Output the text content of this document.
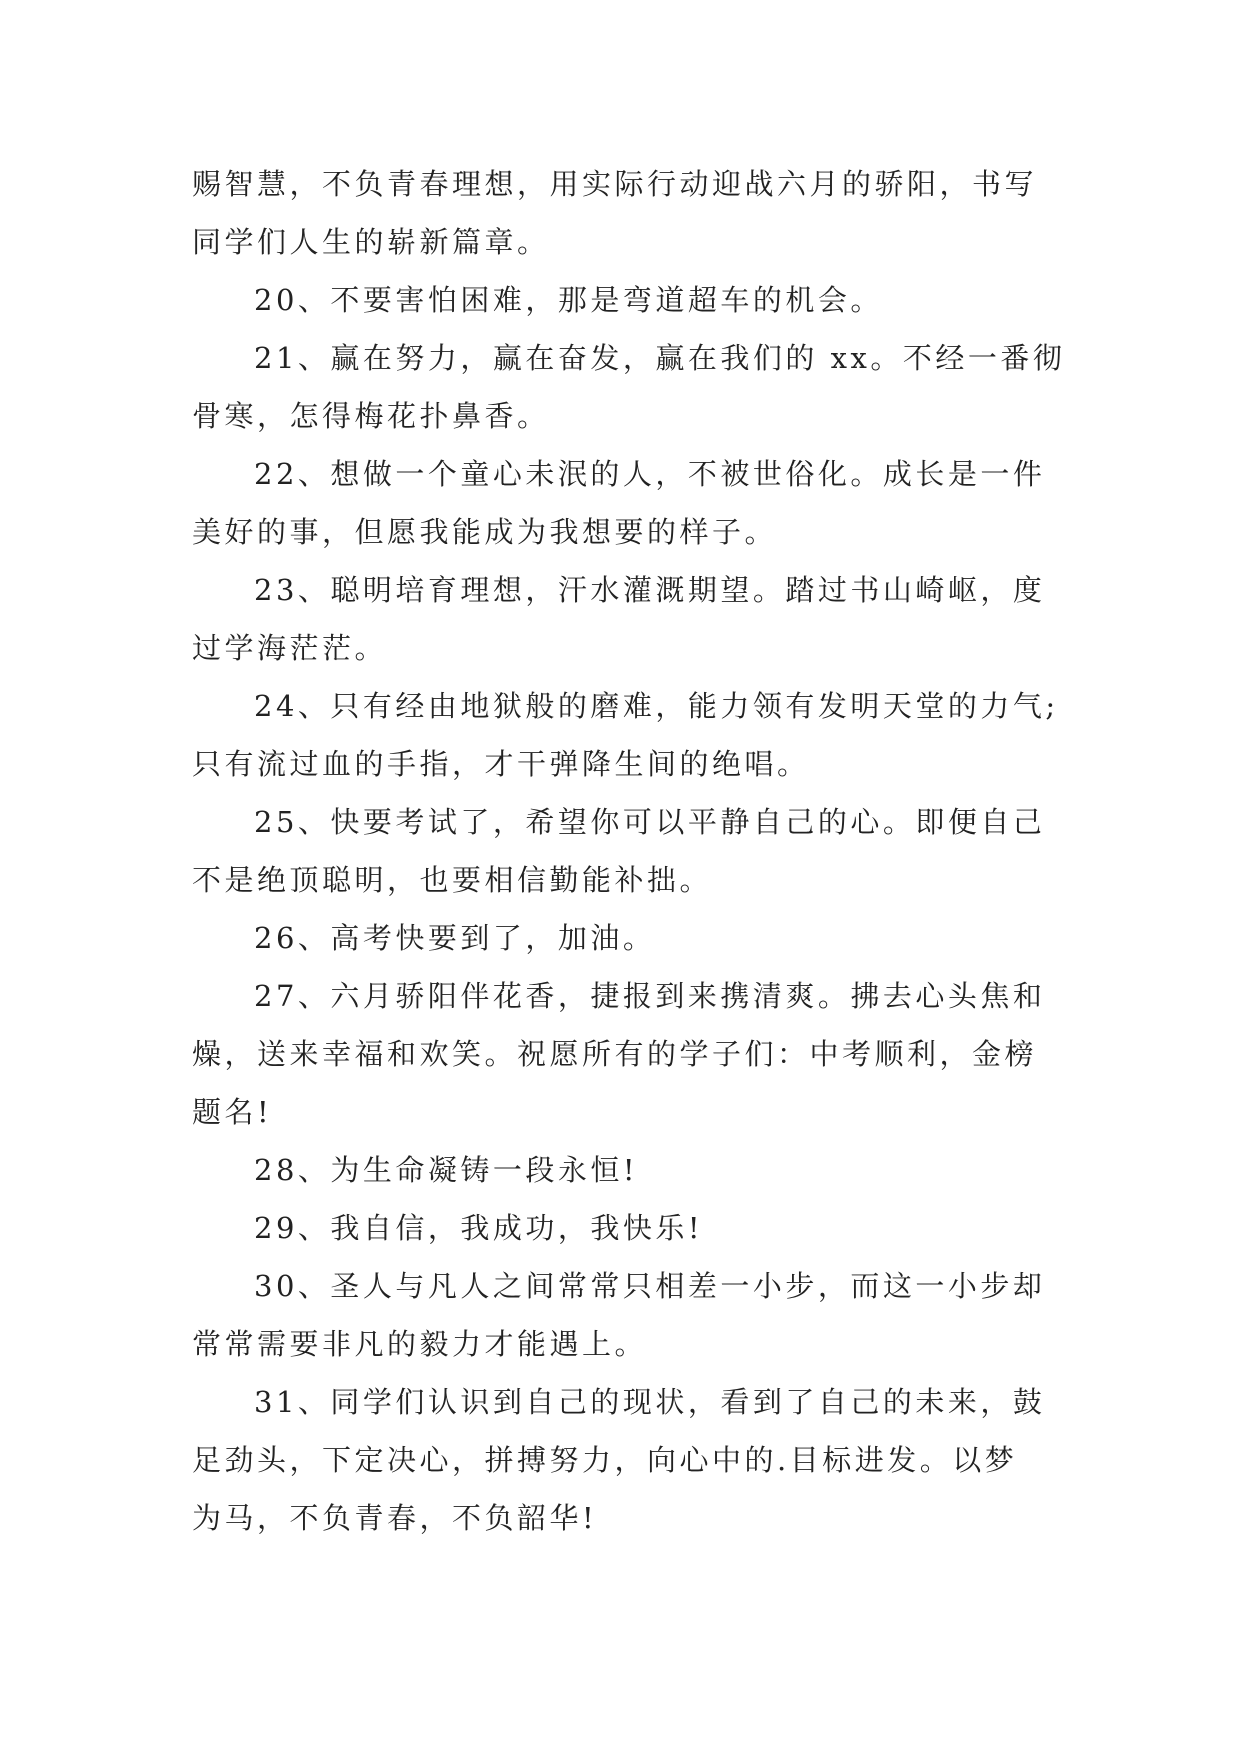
赐智慧，不负青春理想，用实际行动迎战六月的骄阳，书写
同学们人生的崭新篇章。

20、不要害怕困难，那是弯道超车的机会。

21、赢在努力，赢在奋发，赢在我们的 xx。不经一番彻
骨寒，怎得梅花扑鼻香。

22、想做一个童心未泯的人，不被世俗化。成长是一件
美好的事，但愿我能成为我想要的样子。

23、聪明培育理想，汗水灌溉期望。踏过书山崎岖，度
过学海茫茫。

24、只有经由地狱般的磨难，能力领有发明天堂的力气;
只有流过血的手指，才干弹降生间的绝唱。

25、快要考试了，希望你可以平静自己的心。即便自己
不是绝顶聪明，也要相信勤能补拙。

26、高考快要到了，加油。

27、六月骄阳伴花香，捷报到来携清爽。拂去心头焦和
燥，送来幸福和欢笑。祝愿所有的学子们：中考顺利，金榜
题名!

28、为生命凝铸一段永恒!

29、我自信，我成功，我快乐!

30、圣人与凡人之间常常只相差一小步，而这一小步却
常常需要非凡的毅力才能遇上。

31、同学们认识到自己的现状，看到了自己的未来，鼓
足劲头，下定决心，拼搏努力，向心中的.目标进发。以梦
为马，不负青春，不负韶华!
